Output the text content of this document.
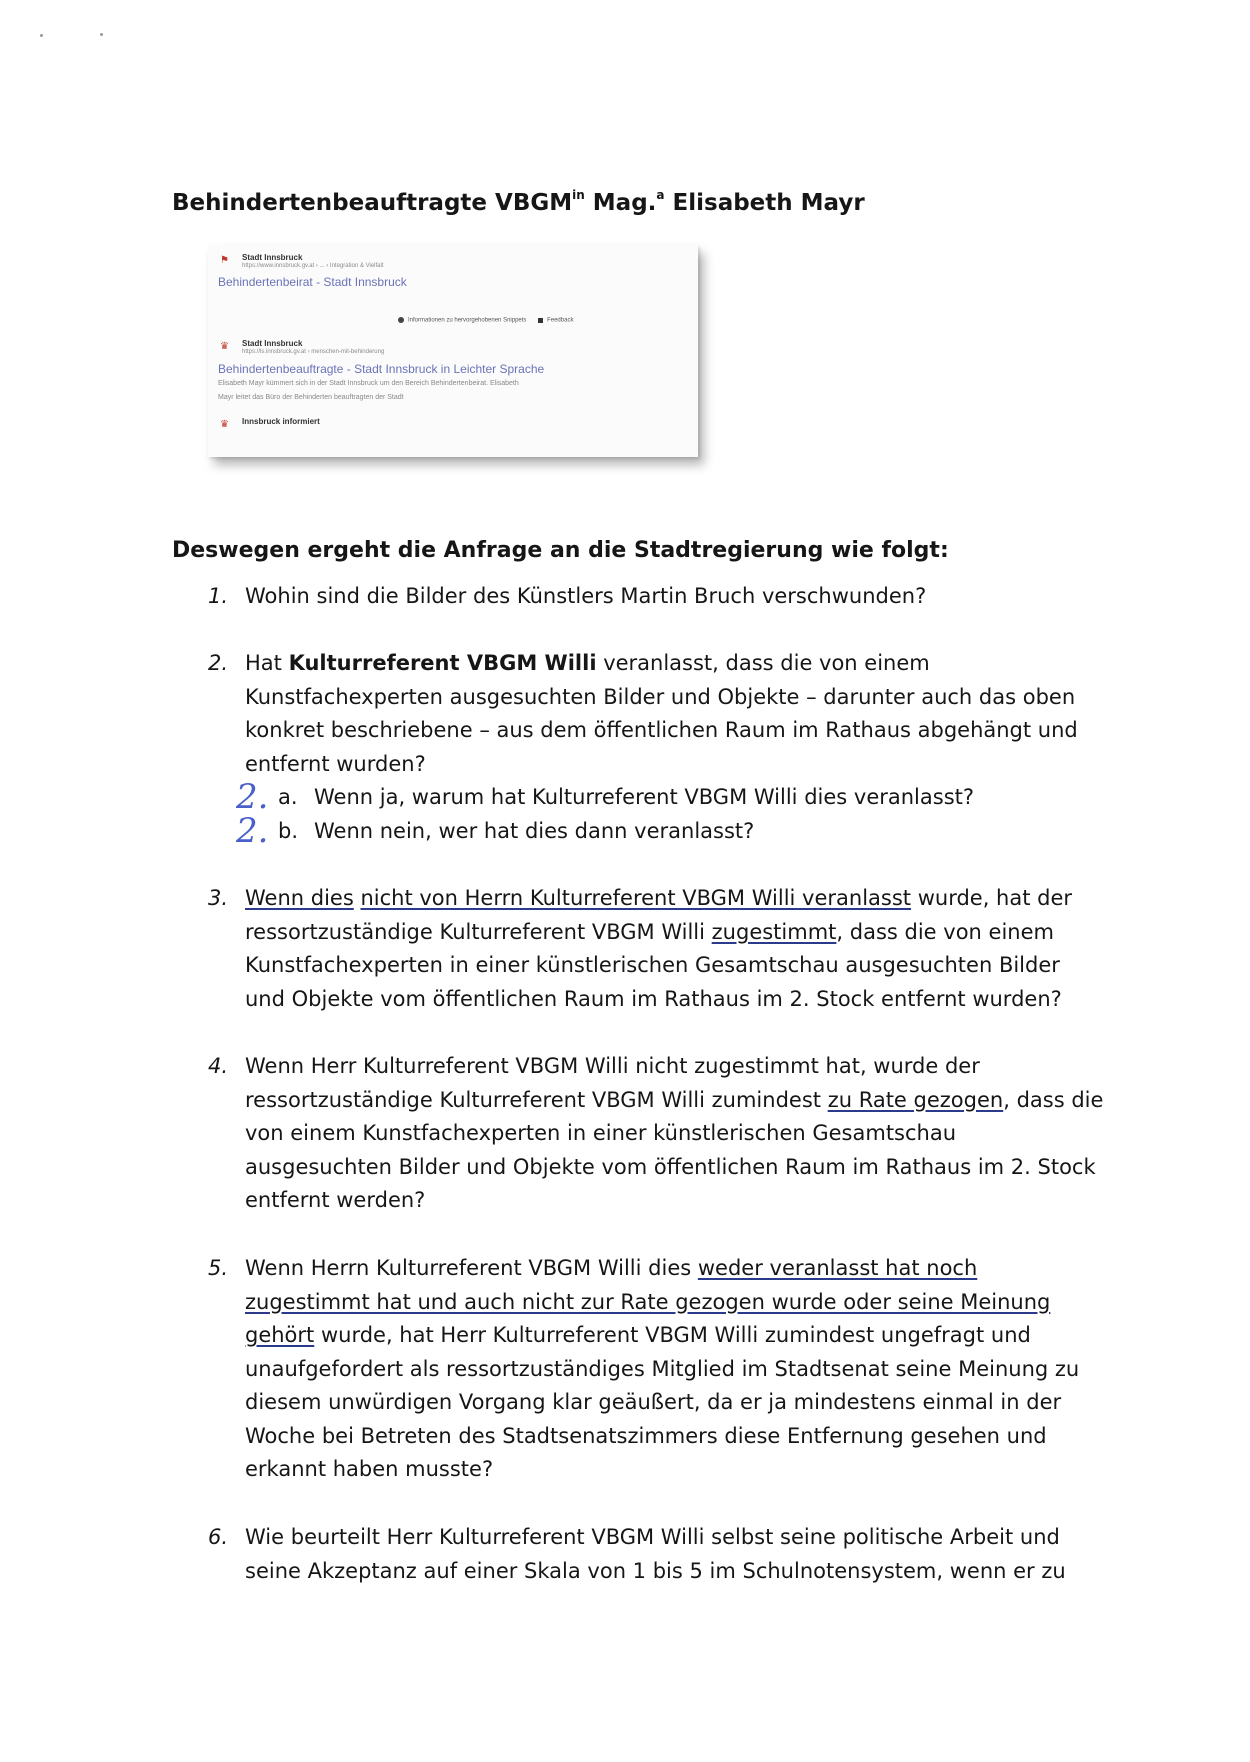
Behindertenbeauftragte $VBGM^{in}$ Mag.$^a$ Elisabeth Mayr
⚑ Stadt Innsbruck
https://www.innsbruck.gv.at › ... › Integration & Vielfalt
Behindertenbeirat - Stadt Innsbruck
Informationen zu hervorgehobenen Snippets	Feedback
♛ Stadt Innsbruck
https://ls.innsbruck.gv.at › menschen-mit-behinderung
Behindertenbeauftragte - Stadt Innsbruck in Leichter Sprache
Elisabeth Mayr kümmert sich in der Stadt Innsbruck um den Bereich Behindertenbeirat. Elisabeth
Mayr leitet das Büro der Behinderten beauftragten der Stadt
♛ Innsbruck informiert
Deswegen ergeht die Anfrage an die Stadtregierung wie folgt:
1. Wohin sind die Bilder des Künstlers Martin Bruch verschwunden?
2. Hat Kulturreferent VBGM Willi veranlasst, dass die von einem Kunstfachexperten ausgesuchten Bilder und Objekte – darunter auch das oben konkret beschriebene – aus dem öffentlichen Raum im Rathaus abgehängt und entfernt wurden?
2. a. Wenn ja, warum hat Kulturreferent VBGM Willi dies veranlasst?
2. b. Wenn nein, wer hat dies dann veranlasst?
3. Wenn dies nicht von Herrn Kulturreferent VBGM Willi veranlasst wurde, hat der ressortzuständige Kulturreferent VBGM Willi zugestimmt, dass die von einem Kunstfachexperten in einer künstlerischen Gesamtschau ausgesuchten Bilder und Objekte vom öffentlichen Raum im Rathaus im 2. Stock entfernt wurden?
4. Wenn Herr Kulturreferent VBGM Willi nicht zugestimmt hat, wurde der ressortzuständige Kulturreferent VBGM Willi zumindest zu Rate gezogen, dass die von einem Kunstfachexperten in einer künstlerischen Gesamtschau ausgesuchten Bilder und Objekte vom öffentlichen Raum im Rathaus im 2. Stock entfernt werden?
5. Wenn Herrn Kulturreferent VBGM Willi dies weder veranlasst hat noch zugestimmt hat und auch nicht zur Rate gezogen wurde oder seine Meinung gehört wurde, hat Herr Kulturreferent VBGM Willi zumindest ungefragt und unaufgefordert als ressortzuständiges Mitglied im Stadtsenat seine Meinung zu diesem unwürdigen Vorgang klar geäußert, da er ja mindestens einmal in der Woche bei Betreten des Stadtsenatszimmers diese Entfernung gesehen und erkannt haben musste?
6. Wie beurteilt Herr Kulturreferent VBGM Willi selbst seine politische Arbeit und seine Akzeptanz auf einer Skala von 1 bis 5 im Schulnotensystem, wenn er zu
